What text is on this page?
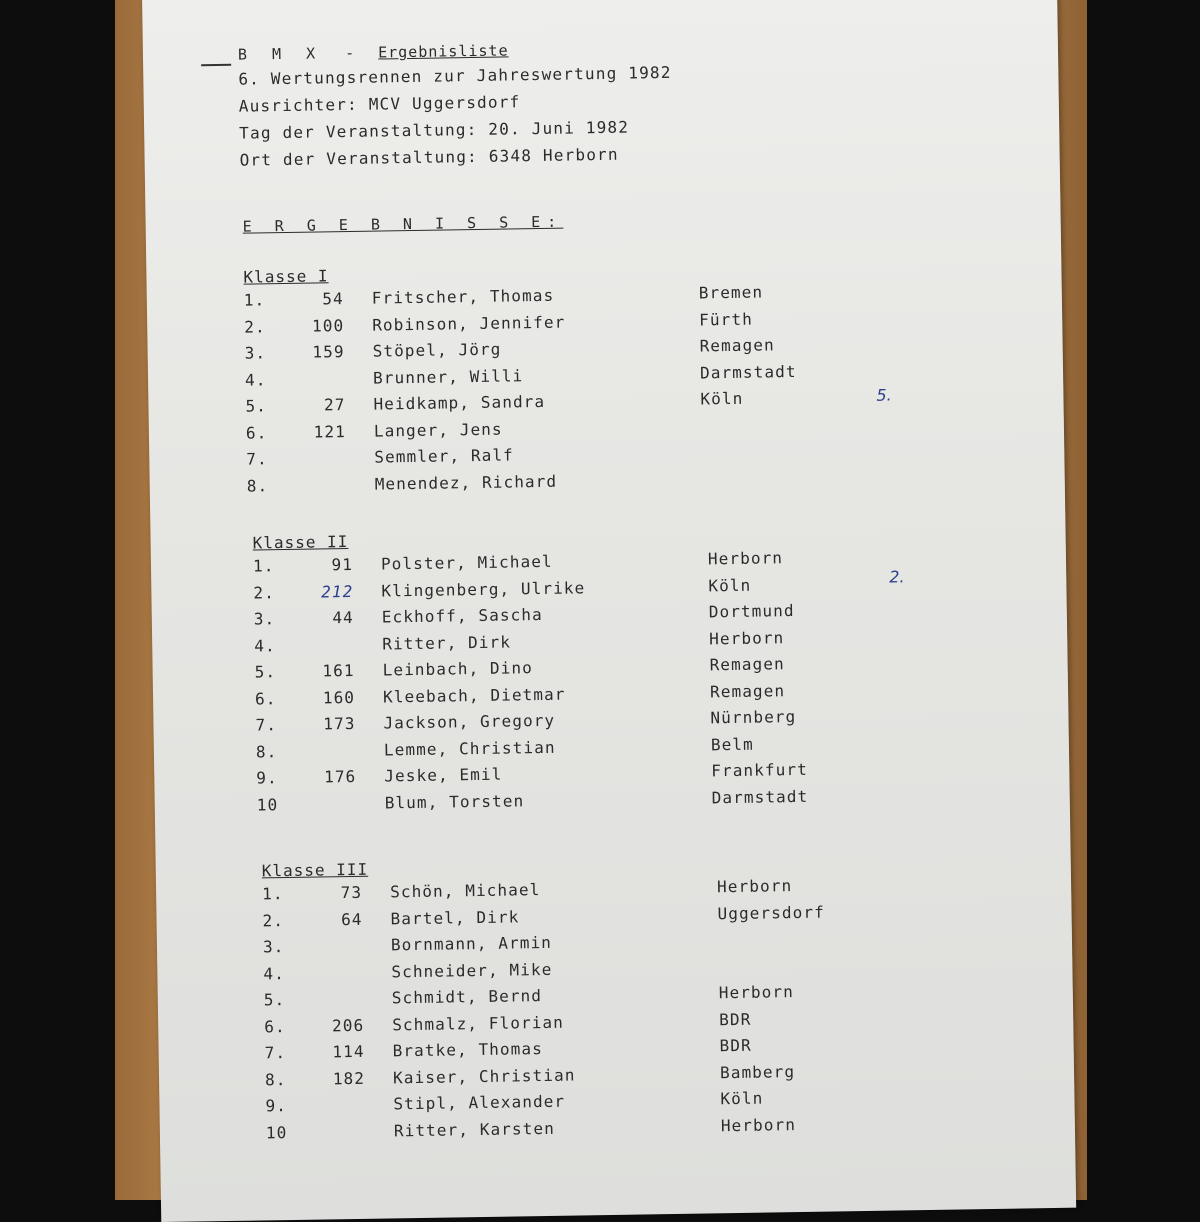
B M X - Ergebnisliste
6. Wertungsrennen zur Jahreswertung 1982
Ausrichter: MCV Uggersdorf
Tag der Veranstaltung: 20. Juni 1982
Ort der Veranstaltung: 6348 Herborn
E R G E B N I S S E:
Klasse I
1.	54 Fritscher, Thomas	Bremen
2.	100 Robinson, Jennifer	Fürth
3.	159 Stöpel, Jörg	Remagen
4.	Brunner, Willi	Darmstadt
5.	27 Heidkamp, Sandra	Köln
6.	121 Langer, Jens
7.	Semmler, Ralf
8.	Menendez, Richard
Klasse II
1.	91 Polster, Michael	Herborn
2.	212 Klingenberg, Ulrike	Köln
3.	44 Eckhoff, Sascha	Dortmund
4.	Ritter, Dirk	Herborn
5.	161 Leinbach, Dino	Remagen
6.	160 Kleebach, Dietmar	Remagen
7.	173 Jackson, Gregory	Nürnberg
8.	Lemme, Christian	Belm
9.	176 Jeske, Emil	Frankfurt
10	Blum, Torsten	Darmstadt
Klasse III
1.	73 Schön, Michael	Herborn
2.	64 Bartel, Dirk	Uggersdorf
3.	Bornmann, Armin
4.	Schneider, Mike
5.	Schmidt, Bernd	Herborn
6.	206 Schmalz, Florian	BDR
7.	114 Bratke, Thomas	BDR
8.	182 Kaiser, Christian	Bamberg
9.	Stipl, Alexander	Köln
10	Ritter, Karsten	Herborn
5.
2.
